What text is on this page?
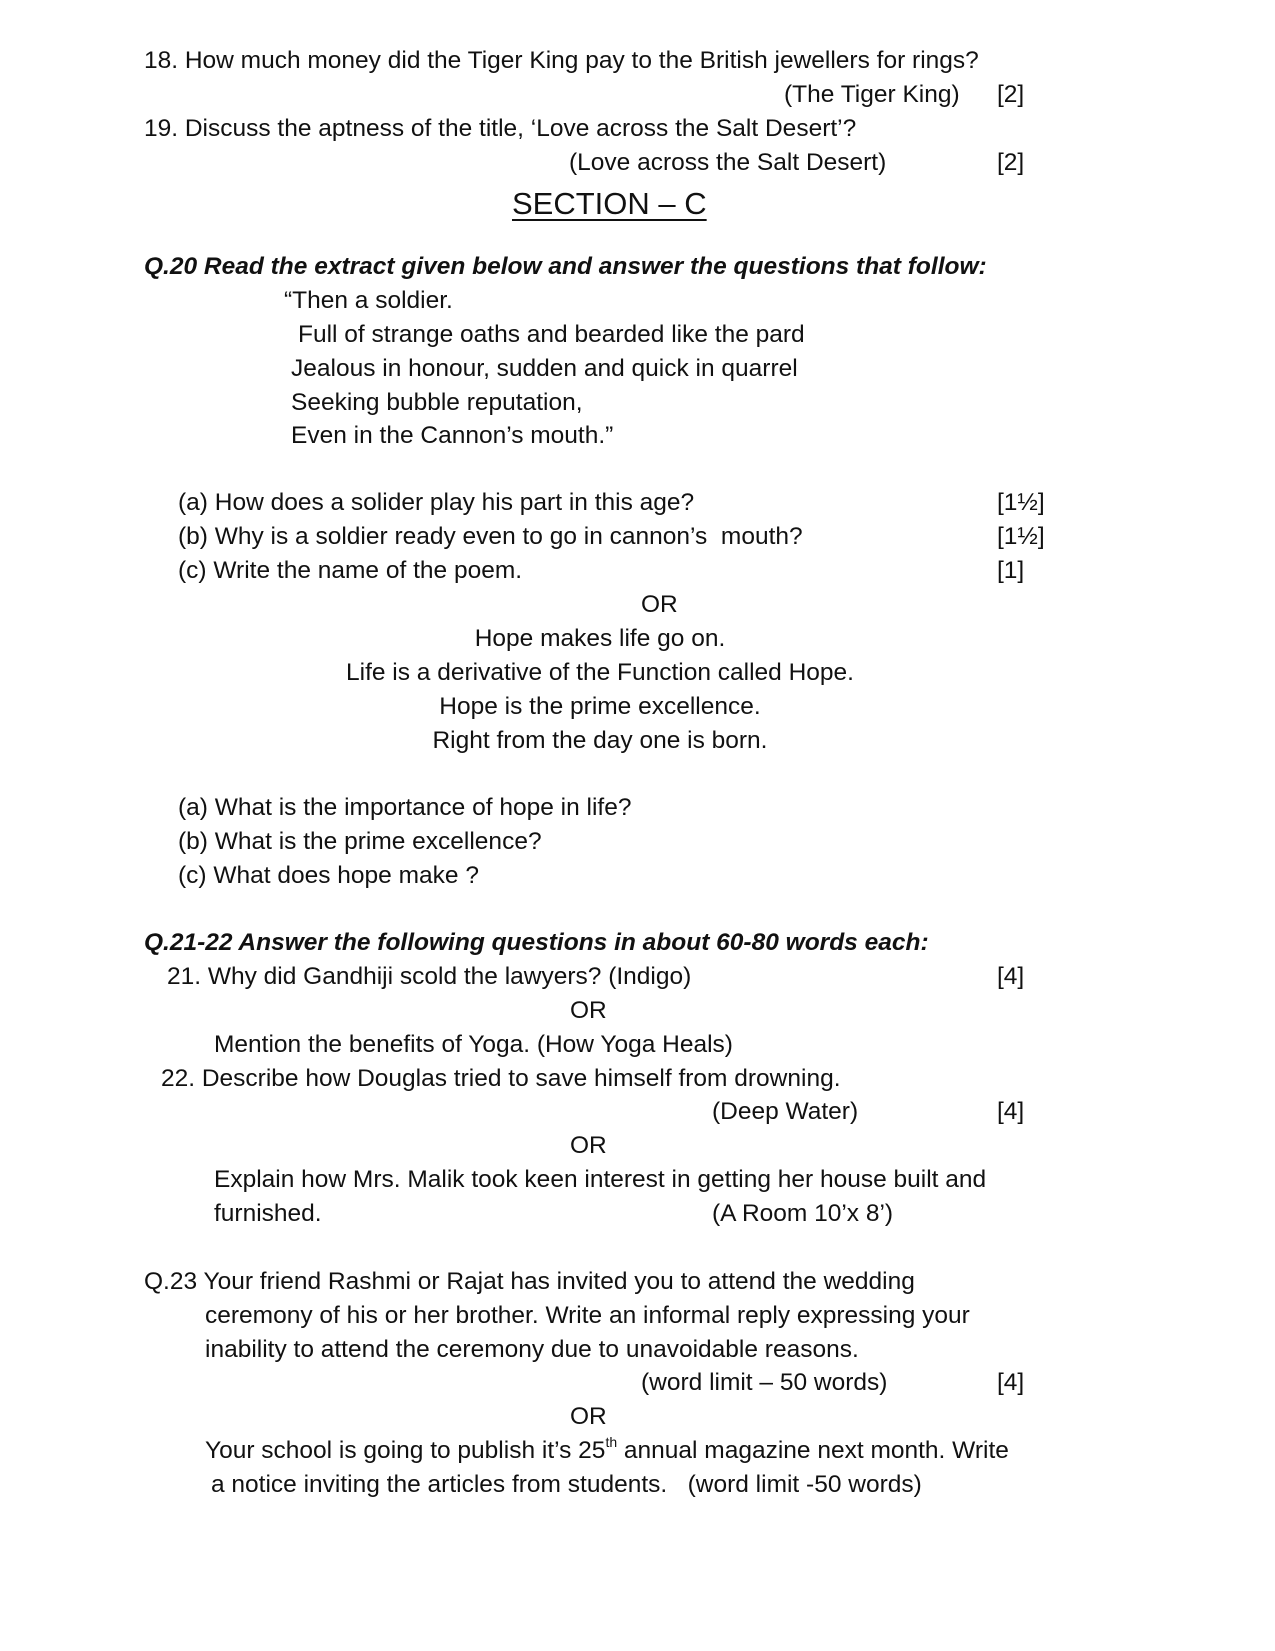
18. How much money did the Tiger King pay to the British jewellers for rings?
(The Tiger King) [2]
19. Discuss the aptness of the title, ‘Love across the Salt Desert’?
(Love across the Salt Desert)	[2]
SECTION – C
Q.20 Read the extract given below and answer the questions that follow:
“Then a soldier.
Full of strange oaths and bearded like the pard
Jealous in honour, sudden and quick in quarrel
Seeking bubble reputation,
Even in the Cannon’s mouth.”
(a) How does a solider play his part in this age?	[1½]
(b) Why is a soldier ready even to go in cannon’s  mouth?	[1½]
(c) Write the name of the poem.	[1]
OR
Hope makes life go on.
Life is a derivative of the Function called Hope.
Hope is the prime excellence.
Right from the day one is born.
(a) What is the importance of hope in life?
(b) What is the prime excellence?
(c) What does hope make ?
Q.21-22 Answer the following questions in about 60-80 words each:
21. Why did Gandhiji scold the lawyers? (Indigo)	[4]
OR
Mention the benefits of Yoga. (How Yoga Heals)
22. Describe how Douglas tried to save himself from drowning.
(Deep Water)	[4]
OR
Explain how Mrs. Malik took keen interest in getting her house built and
furnished.	(A Room 10’x 8’)
Q.23 Your friend Rashmi or Rajat has invited you to attend the wedding
ceremony of his or her brother. Write an informal reply expressing your
inability to attend the ceremony due to unavoidable reasons.
(word limit – 50 words)	[4]
OR
Your school is going to publish it’s 25th annual magazine next month. Write
a notice inviting the articles from students.   (word limit -50 words)
